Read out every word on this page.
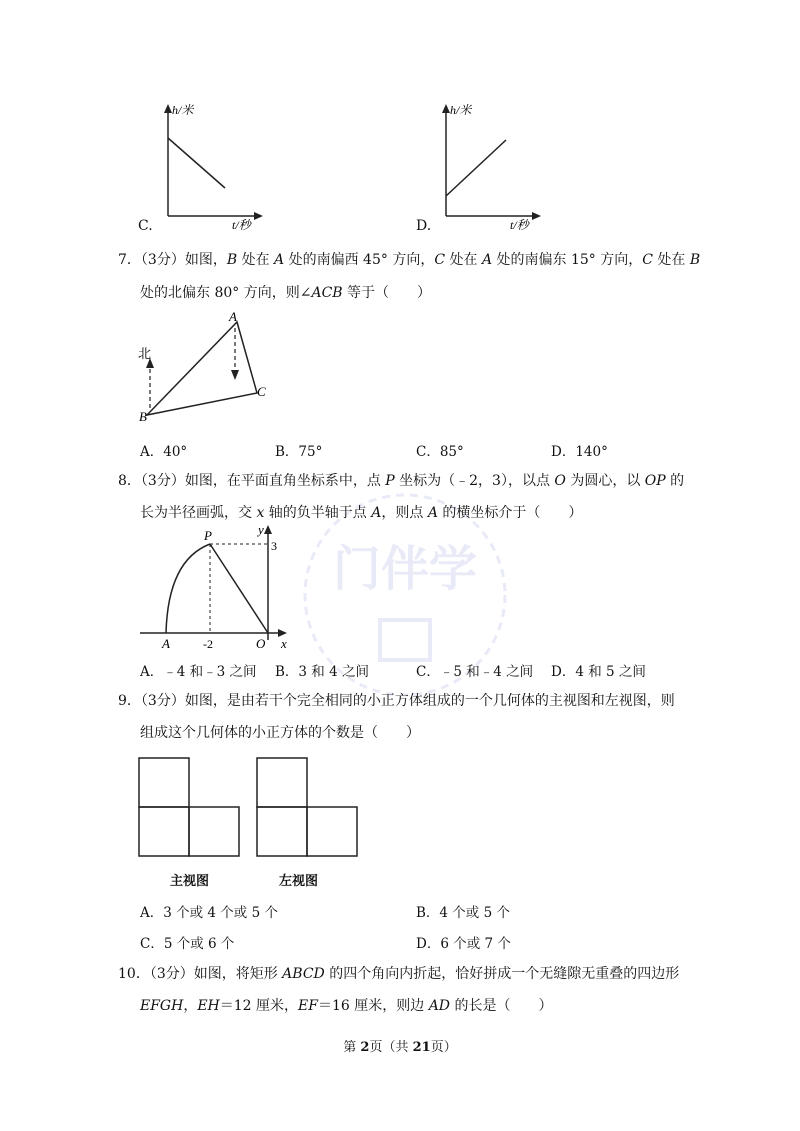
门伴学
C.
h/米
t/秒	D.
h/米
t/秒
7．（3分）如图，B 处在 A 处的南偏西 45° 方向，C 处在 A 处的南偏东 15° 方向，C 处在 B
处的北偏东 80° 方向，则∠ACB 等于（　　）
北
A
B
C
A．40°	B．75°	C．85°	D．140°
8．（3分）如图，在平面直角坐标系中，点 P 坐标为（﹣2，3），以点 O 为圆心，以 OP 的
长为半径画弧，交 x 轴的负半轴于点 A，则点 A 的横坐标介于（　　）
P	y
3
A	-2	O x
A．﹣4 和﹣3 之间 B．3 和 4 之间	C．﹣5 和﹣4 之间 D．4 和 5 之间
9．（3分）如图，是由若干个完全相同的小正方体组成的一个几何体的主视图和左视图，则
组成这个几何体的小正方体的个数是（　　）
主视图	左视图
A．3 个或 4 个或 5 个	B．4 个或 5 个
C．5 个或 6 个	D．6 个或 7 个
10．（3分）如图，将矩形 ABCD 的四个角向内折起，恰好拼成一个无缝隙无重叠的四边形
EFGH，EH＝12 厘米，EF＝16 厘米，则边 AD 的长是（　　）
第 2页（共 21页）
